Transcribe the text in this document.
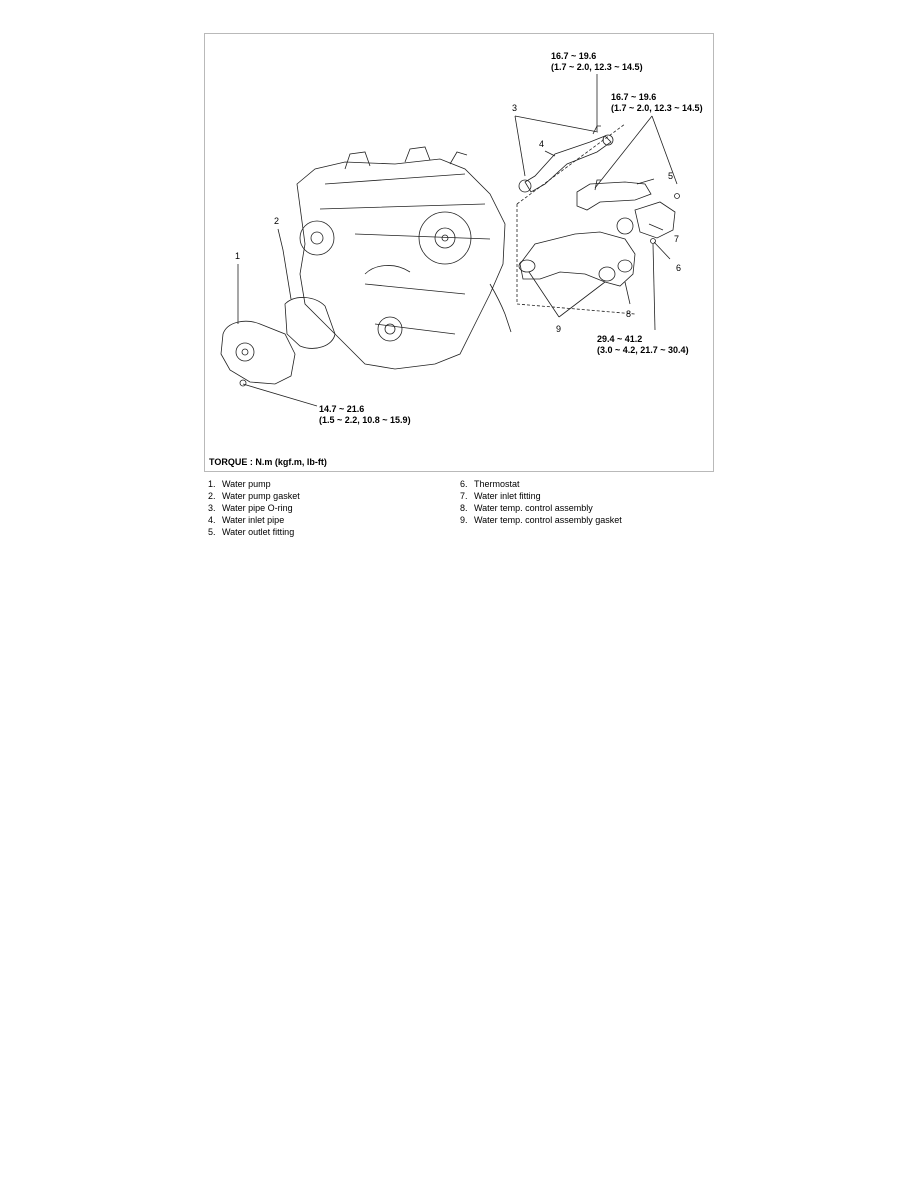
16.7 ~ 19.6
(1.7 ~ 2.0, 12.3 ~ 14.5)
16.7 ~ 19.6
(1.7 ~ 2.0, 12.3 ~ 14.5)
29.4 ~ 41.2
(3.0 ~ 4.2, 21.7 ~ 30.4)
14.7 ~ 21.6
(1.5 ~ 2.2, 10.8 ~ 15.9)
1
2
3
4
5
6
7
8
9
TORQUE : N.m (kgf.m, lb-ft)
1. Water pump
2. Water pump gasket
3. Water pipe O-ring
4. Water inlet pipe
5. Water outlet fitting
6. Thermostat
7. Water inlet fitting
8. Water temp. control assembly
9. Water temp. control assembly gasket
